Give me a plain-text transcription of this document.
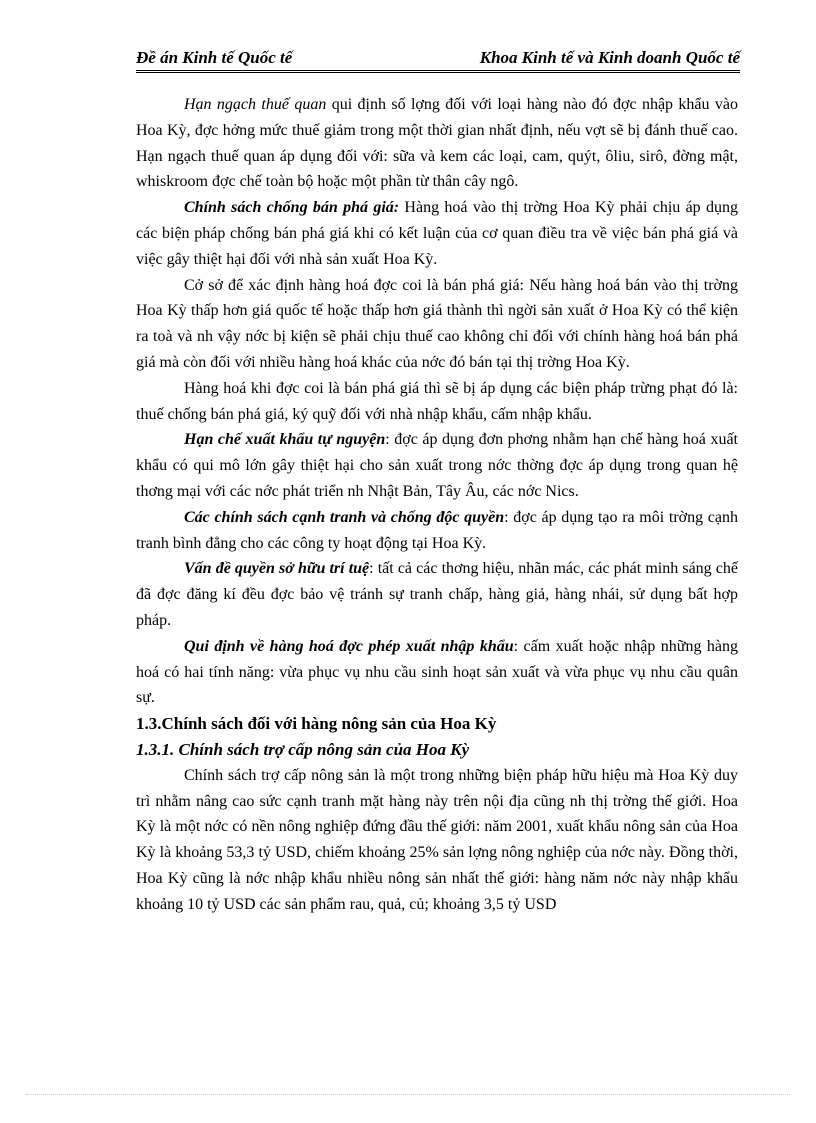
Đề án Kinh tế Quốc tế	Khoa Kinh tế và Kinh doanh Quốc tế

Hạn ngạch thuế quan qui định số lợng đối với loại hàng nào đó đợc nhập khẩu vào Hoa Kỳ, đợc hởng mức thuế giảm trong một thời gian nhất định, nếu vợt sẽ bị đánh thuế cao. Hạn ngạch thuế quan áp dụng đối với: sữa và kem các loại, cam, quýt, ôliu, sirô, đờng mật, whiskroom đợc chế toàn bộ hoặc một phần từ thân cây ngô.

Chính sách chống bán phá giá: Hàng hoá vào thị trờng Hoa Kỳ phải chịu áp dụng các biện pháp chống bán phá giá khi có kết luận của cơ quan điều tra về việc bán phá giá và việc gây thiệt hại đối với nhà sản xuất Hoa Kỳ.

Cở sở để xác định hàng hoá đợc coi là bán phá giá: Nếu hàng hoá bán vào thị trờng Hoa Kỳ thấp hơn giá quốc tế hoặc thấp hơn giá thành thì ngời sản xuất ở Hoa Kỳ có thể kiện ra toà và nh vậy nớc bị kiện sẽ phải chịu thuế cao không chỉ đối với chính hàng hoá bán phá giá mà còn đối với nhiều hàng hoá khác của nớc đó bán tại thị trờng Hoa Kỳ.

Hàng hoá khi đợc coi là bán phá giá thì sẽ bị áp dụng các biện pháp trừng phạt đó là: thuế chống bán phá giá, ký quỹ đối với nhà nhập khẩu, cấm nhập khẩu.

Hạn chế xuất khẩu tự nguyện: đợc áp dụng đơn phơng nhằm hạn chế hàng hoá xuất khẩu có qui mô lớn gây thiệt hại cho sản xuất trong nớc thờng đợc áp dụng trong quan hệ thơng mại với các nớc phát triển nh Nhật Bản, Tây Âu, các nớc Nics.

Các chính sách cạnh tranh và chống độc quyền: đợc áp dụng tạo ra môi trờng cạnh tranh bình đẳng cho các công ty hoạt động tại Hoa Kỳ.

Vấn đề quyền sở hữu trí tuệ: tất cả các thơng hiệu, nhãn mác, các phát minh sáng chế đã đợc đăng kí đều đợc bảo vệ tránh sự tranh chấp, hàng giả, hàng nhái, sử dụng bất hợp pháp.

Qui định về hàng hoá đợc phép xuất nhập khẩu: cấm xuất hoặc nhập những hàng hoá có hai tính năng: vừa phục vụ nhu cầu sinh hoạt sản xuất và vừa phục vụ nhu cầu quân sự.

1.3.Chính sách đối với hàng nông sản của Hoa Kỳ

1.3.1. Chính sách trợ cấp nông sản của Hoa Kỳ

Chính sách trợ cấp nông sản là một trong những biện pháp hữu hiệu mà Hoa Kỳ duy trì nhằm nâng cao sức cạnh tranh mặt hàng này trên nội địa cũng nh thị trờng thế giới. Hoa Kỳ là một nớc có nền nông nghiệp đứng đầu thế giới: năm 2001, xuất khẩu nông sản của Hoa Kỳ là khoảng 53,3 tỷ USD, chiếm khoảng 25% sản lợng nông nghiệp của nớc này. Đồng thời, Hoa Kỳ cũng là nớc nhập khẩu nhiều nông sản nhất thế giới: hàng năm nớc này nhập khẩu khoảng 10 tỷ USD các sản phẩm rau, quả, củ; khoảng 3,5 tỷ USD
